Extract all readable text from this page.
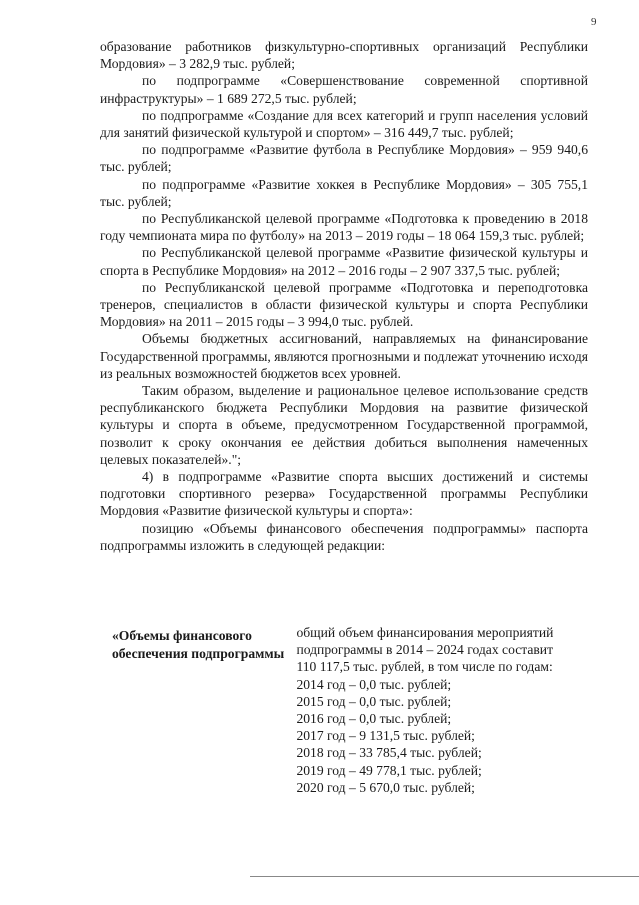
9

образование работников физкультурно-спортивных организаций Республики Мордовия» – 3 282,9 тыс. рублей;

по подпрограмме «Совершенствование современной спортивной инфраструктуры» – 1 689 272,5 тыс. рублей;

по подпрограмме «Создание для всех категорий и групп населения условий для занятий физической культурой и спортом» – 316 449,7 тыс. рублей;

по подпрограмме «Развитие футбола в Республике Мордовия» – 959 940,6 тыс. рублей;

по подпрограмме «Развитие хоккея в Республике Мордовия» – 305 755,1 тыс. рублей;

по Республиканской целевой программе «Подготовка к проведению в 2018 году чемпионата мира по футболу» на 2013 – 2019 годы – 18 064 159,3 тыс. рублей;

по Республиканской целевой программе «Развитие физической культуры и спорта в Республике Мордовия» на 2012 – 2016 годы – 2 907 337,5 тыс. рублей;

по Республиканской целевой программе «Подготовка и переподготовка тренеров, специалистов в области физической культуры и спорта Республики Мордовия» на 2011 – 2015 годы – 3 994,0 тыс. рублей.

Объемы бюджетных ассигнований, направляемых на финансирование Государственной программы, являются прогнозными и подлежат уточнению исходя из реальных возможностей бюджетов всех уровней.

Таким образом, выделение и рациональное целевое использование средств республиканского бюджета Республики Мордовия на развитие физической культуры и спорта в объеме, предусмотренном Государственной программой, позволит к сроку окончания ее действия добиться выполнения намеченных целевых показателей».";

4) в подпрограмме «Развитие спорта высших достижений и системы подготовки спортивного резерва» Государственной программы Республики Мордовия «Развитие физической культуры и спорта»:

позицию «Объемы финансового обеспечения подпрограммы» паспорта подпрограммы изложить в следующей редакции:

«Объемы финансового обеспечения подпрограммы
общий объем финансирования мероприятий
подпрограммы в 2014 – 2024 годах составит
110 117,5 тыс. рублей, в том числе по годам:
2014 год – 0,0 тыс. рублей;
2015 год – 0,0 тыс. рублей;
2016 год – 0,0 тыс. рублей;
2017 год – 9 131,5 тыс. рублей;
2018 год – 33 785,4 тыс. рублей;
2019 год – 49 778,1 тыс. рублей;
2020 год – 5 670,0 тыс. рублей;
